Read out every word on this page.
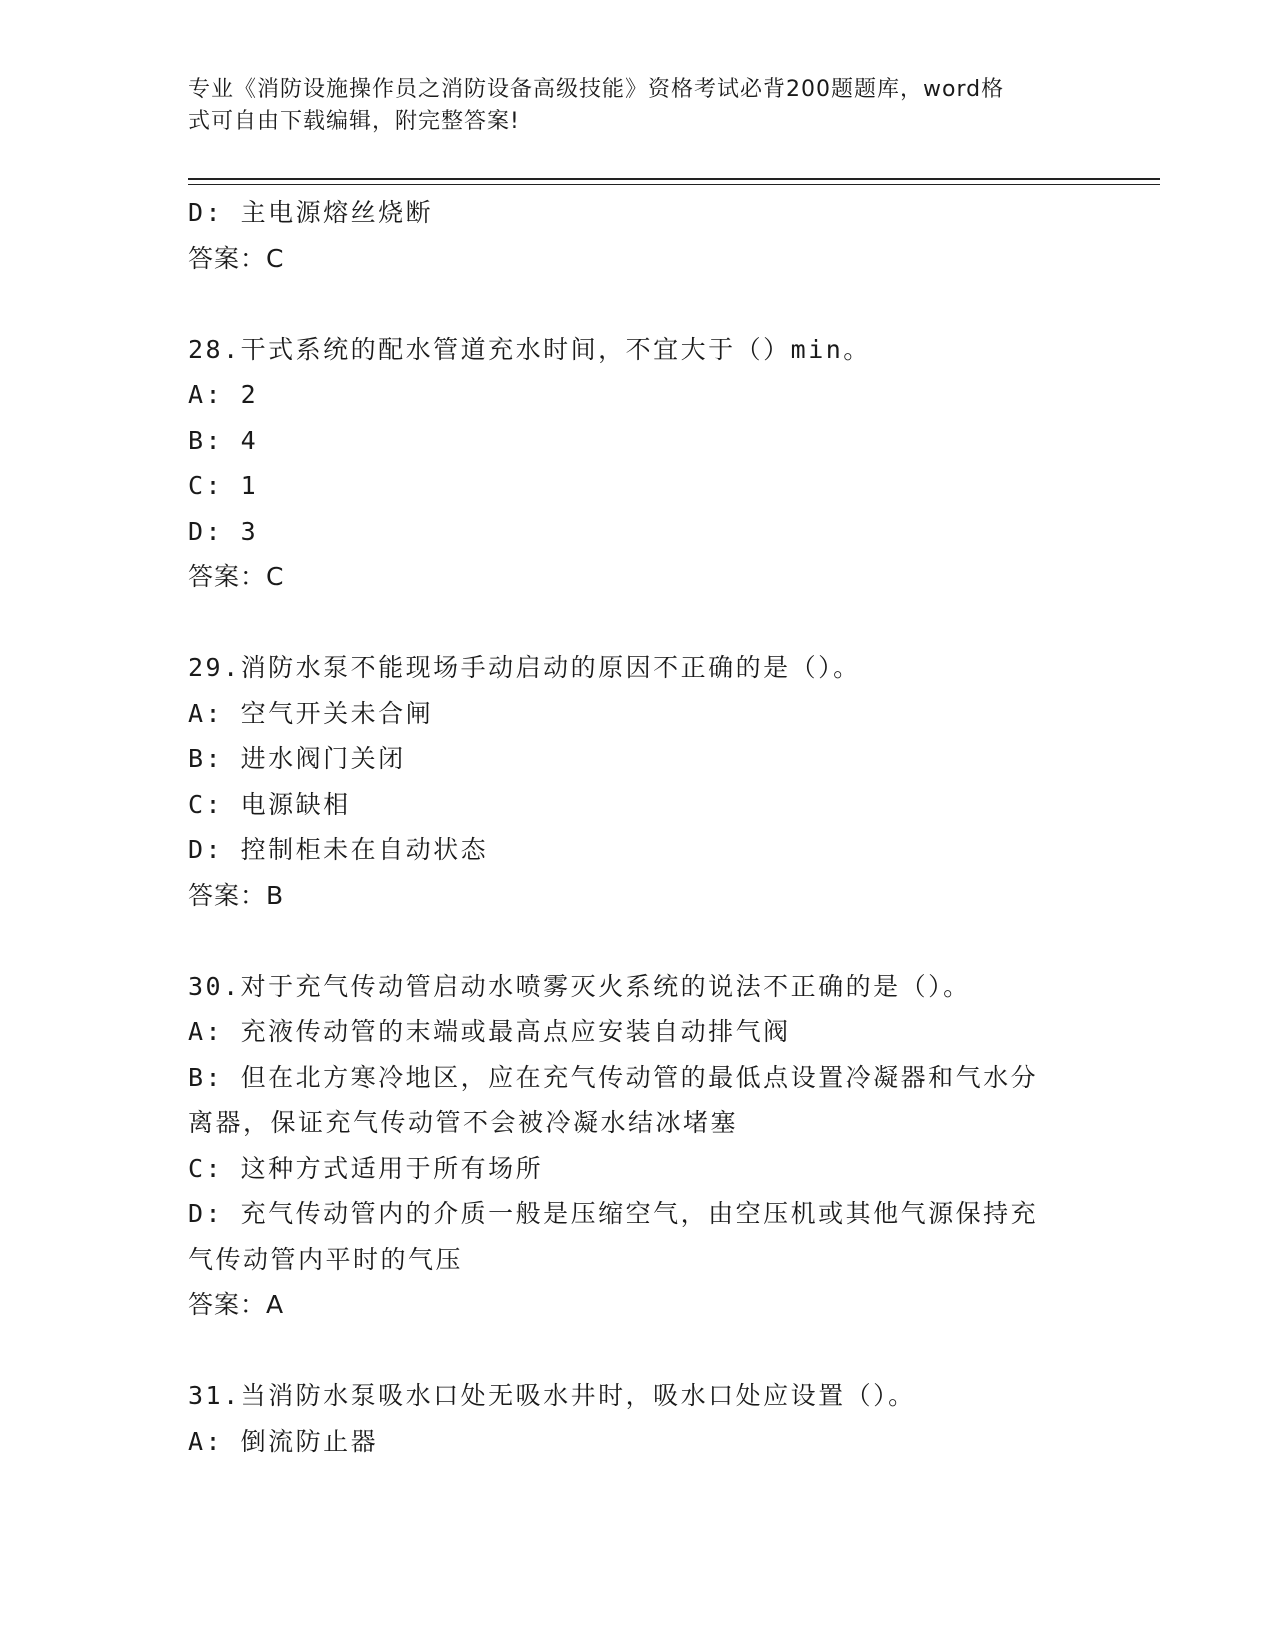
专业《消防设施操作员之消防设备高级技能》资格考试必背200题题库，word格
式可自由下载编辑，附完整答案!
D: 主电源熔丝烧断
答案：C
28.干式系统的配水管道充水时间，不宜大于（）min。
A: 2
B: 4
C: 1
D: 3
答案：C
29.消防水泵不能现场手动启动的原因不正确的是（）。
A: 空气开关未合闸
B: 进水阀门关闭
C: 电源缺相
D: 控制柜未在自动状态
答案：B
30.对于充气传动管启动水喷雾灭火系统的说法不正确的是（）。
A: 充液传动管的末端或最高点应安装自动排气阀
B: 但在北方寒冷地区，应在充气传动管的最低点设置冷凝器和气水分
离器，保证充气传动管不会被冷凝水结冰堵塞
C: 这种方式适用于所有场所
D: 充气传动管内的介质一般是压缩空气，由空压机或其他气源保持充
气传动管内平时的气压
答案：A
31.当消防水泵吸水口处无吸水井时，吸水口处应设置（）。
A: 倒流防止器
